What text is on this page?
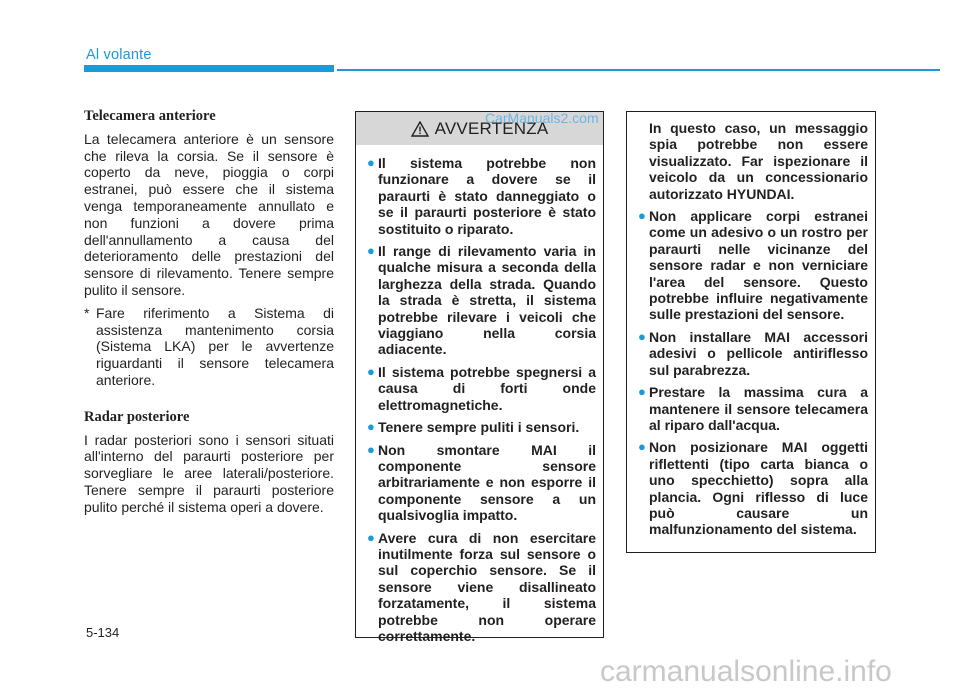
Al volante
Telecamera anteriore

La telecamera anteriore è un sensore che rileva la corsia. Se il sensore è coperto da neve, pioggia o corpi estranei, può essere che il sistema venga temporaneamente annullato e non funzioni a dovere prima dell'annullamento a causa del deterioramento delle prestazioni del sensore di rilevamento. Tenere sempre pulito il sensore.

* Fare riferimento a Sistema di assistenza mantenimento corsia (Sistema LKA) per le avvertenze riguardanti il sensore telecamera anteriore.
Radar posteriore

I radar posteriori sono i sensori situati all'interno del paraurti posteriore per sorvegliare le aree laterali/posteriore. Tenere sempre il paraurti posteriore pulito perché il sistema operi a dovere.

AVVERTENZA
● Il sistema potrebbe non funzionare a dovere se il paraurti è stato danneggiato o se il paraurti posteriore è stato sostituito o riparato.
● Il range di rilevamento varia in qualche misura a seconda della larghezza della strada. Quando la strada è stretta, il sistema potrebbe rilevare i veicoli che viaggiano nella corsia adiacente.
● Il sistema potrebbe spegnersi a causa di forti onde elettromagnetiche.
● Tenere sempre puliti i sensori.
● Non smontare MAI il componente sensore arbitrariamente e non esporre il componente sensore a un qualsivoglia impatto.
● Avere cura di non esercitare inutilmente forza sul sensore o sul coperchio sensore. Se il sensore viene disallineato forzatamente, il sistema potrebbe non operare correttamente.
In questo caso, un messaggio spia potrebbe non essere visualizzato. Far ispezionare il veicolo da un concessionario autorizzato HYUNDAI.
● Non applicare corpi estranei come un adesivo o un rostro per paraurti nelle vicinanze del sensore radar e non verniciare l'area del sensore. Questo potrebbe influire negativamente sulle prestazioni del sensore.
● Non installare MAI accessori adesivi o pellicole antiriflesso sul parabrezza.
● Prestare la massima cura a mantenere il sensore telecamera al riparo dall'acqua.
● Non posizionare MAI oggetti riflettenti (tipo carta bianca o uno specchietto) sopra alla plancia. Ogni riflesso di luce può causare un malfunzionamento del sistema.
5-134
CarManuals2.com
carmanualsonline.info
